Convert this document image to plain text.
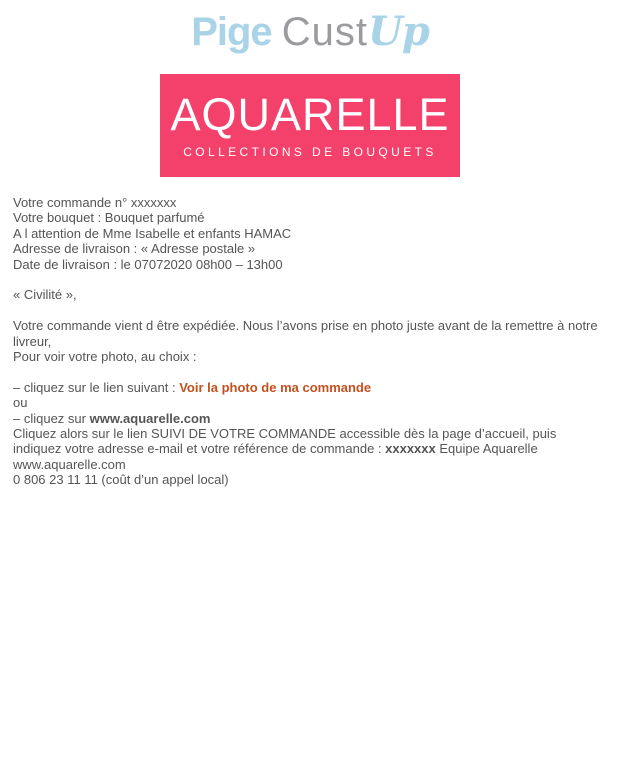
Pige CustUp
AQUARELLE
COLLECTIONS DE BOUQUETS
Votre commande n° xxxxxxx
Votre bouquet : Bouquet parfumé
A l attention de Mme Isabelle et enfants HAMAC
Adresse de livraison : « Adresse postale »
Date de livraison : le 07072020 08h00 – 13h00
« Civilité »,
Votre commande vient d être expédiée. Nous l’avons prise en photo juste avant de la remettre à notre
livreur,
Pour voir votre photo, au choix :
– cliquez sur le lien suivant : Voir la photo de ma commande
ou
– cliquez sur www.aquarelle.com
Cliquez alors sur le lien SUIVI DE VOTRE COMMANDE accessible dès la page d’accueil, puis
indiquez votre adresse e-mail et votre référence de commande : xxxxxxx Equipe Aquarelle
www.aquarelle.com
0 806 23 11 11 (coût d’un appel local)
